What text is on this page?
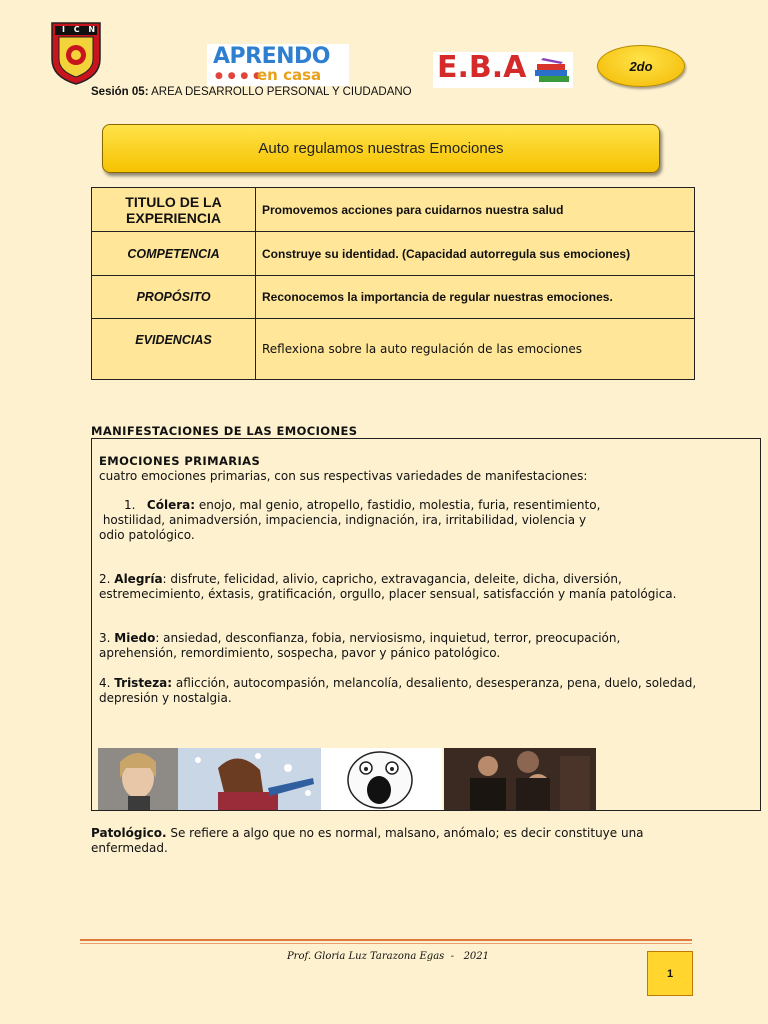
I C N
APRENDO
● ● ● ●
en casa	E.B.A	2do
Sesión 05: AREA DESARROLLO PERSONAL Y CIUDADANO
Auto regulamos nuestras Emociones
TITULO DE LA EXPERIENCIA	Promovemos acciones para cuidarnos nuestra salud
COMPETENCIA	Construye su identidad. (Capacidad autorregula sus emociones)
PROPÓSITO	Reconocemos la importancia de regular nuestras emociones.
EVIDENCIAS	Reflexiona sobre la auto regulación de las emociones
MANIFESTACIONES DE LAS EMOCIONES
EMOCIONES PRIMARIAS
cuatro emociones primarias, con sus respectivas variedades de manifestaciones:
1. Cólera: enojo, mal genio, atropello, fastidio, molestia, furia, resentimiento,
hostilidad, animadversión, impaciencia, indignación, ira, irritabilidad, violencia y
odio patológico.
2. Alegría: disfrute, felicidad, alivio, capricho, extravagancia, deleite, dicha, diversión,
estremecimiento, éxtasis, gratificación, orgullo, placer sensual, satisfacción y manía patológica.
3. Miedo: ansiedad, desconfianza, fobia, nerviosismo, inquietud, terror, preocupación,
aprehensión, remordimiento, sospecha, pavor y pánico patológico.
4. Tristeza: aflicción, autocompasión, melancolía, desaliento, desesperanza, pena, duelo, soledad,
depresión y nostalgia.
Patológico. Se refiere a algo que no es normal, malsano, anómalo; es decir constituye una
enfermedad.
Prof. Gloria Luz Tarazona Egas  -   2021
1
